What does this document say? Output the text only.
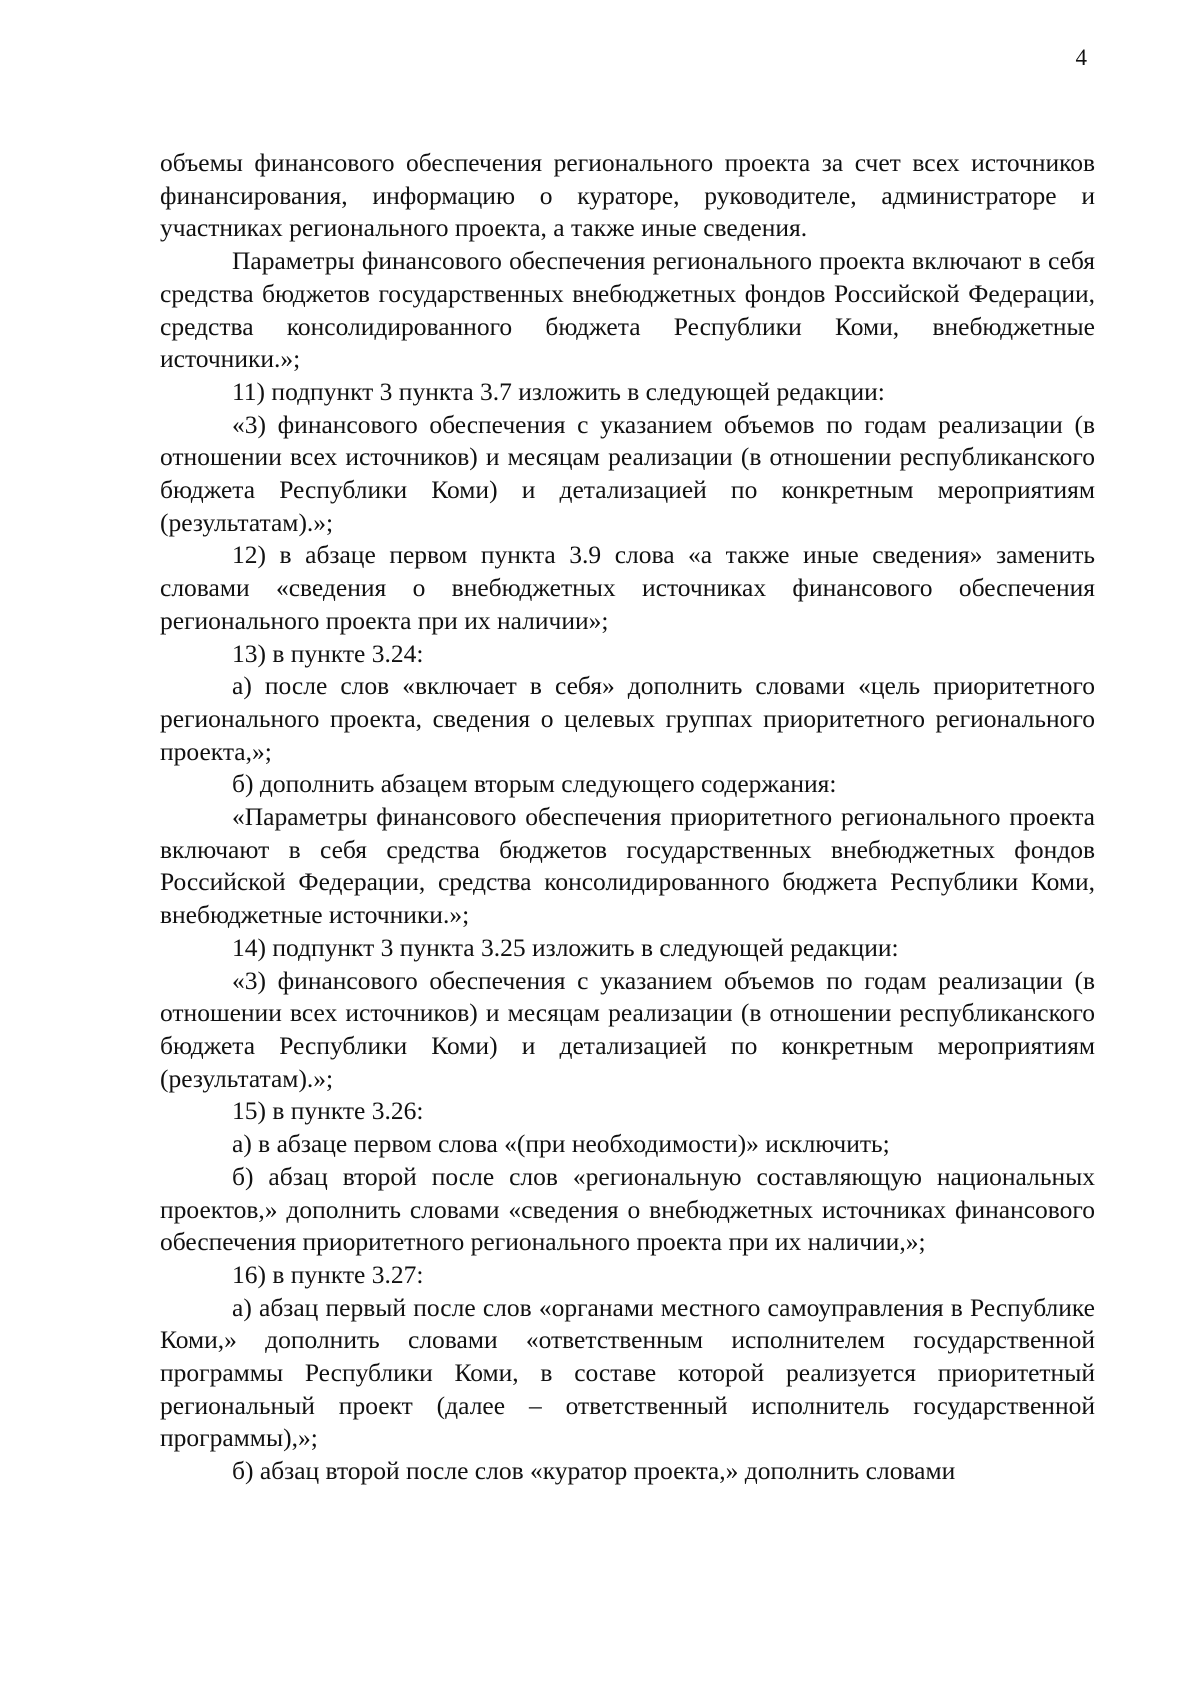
4

объемы финансового обеспечения регионального проекта за счет всех источников финансирования, информацию о кураторе, руководителе, администраторе и участниках регионального проекта, а также иные сведения.

Параметры финансового обеспечения регионального проекта включают в себя средства бюджетов государственных внебюджетных фондов Российской Федерации, средства консолидированного бюджета Республики Коми, внебюджетные источники.»;

11) подпункт 3 пункта 3.7 изложить в следующей редакции:

«3) финансового обеспечения с указанием объемов по годам реализации (в отношении всех источников) и месяцам реализации (в отношении республиканского бюджета Республики Коми) и детализацией по конкретным мероприятиям (результатам).»;

12) в абзаце первом пункта 3.9 слова «а также иные сведения» заменить словами «сведения о внебюджетных источниках финансового обеспечения регионального проекта при их наличии»;

13) в пункте 3.24:

а) после слов «включает в себя» дополнить словами «цель приоритетного регионального проекта, сведения о целевых группах приоритетного регионального проекта,»;

б) дополнить абзацем вторым следующего содержания:

«Параметры финансового обеспечения приоритетного регионального проекта включают в себя средства бюджетов государственных внебюджетных фондов Российской Федерации, средства консолидированного бюджета Республики Коми, внебюджетные источники.»;

14) подпункт 3 пункта 3.25 изложить в следующей редакции:

«3) финансового обеспечения с указанием объемов по годам реализации (в отношении всех источников) и месяцам реализации (в отношении республиканского бюджета Республики Коми) и детализацией по конкретным мероприятиям (результатам).»;

15) в пункте 3.26:

а) в абзаце первом слова «(при необходимости)» исключить;

б) абзац второй после слов «региональную составляющую национальных проектов,» дополнить словами «сведения о внебюджетных источниках финансового обеспечения приоритетного регионального проекта при их наличии,»;

16) в пункте 3.27:

а) абзац первый после слов «органами местного самоуправления в Республике Коми,» дополнить словами «ответственным исполнителем государственной программы Республики Коми, в составе которой реализуется приоритетный региональный проект (далее – ответственный исполнитель государственной программы),»;

б) абзац второй после слов «куратор проекта,» дополнить словами
